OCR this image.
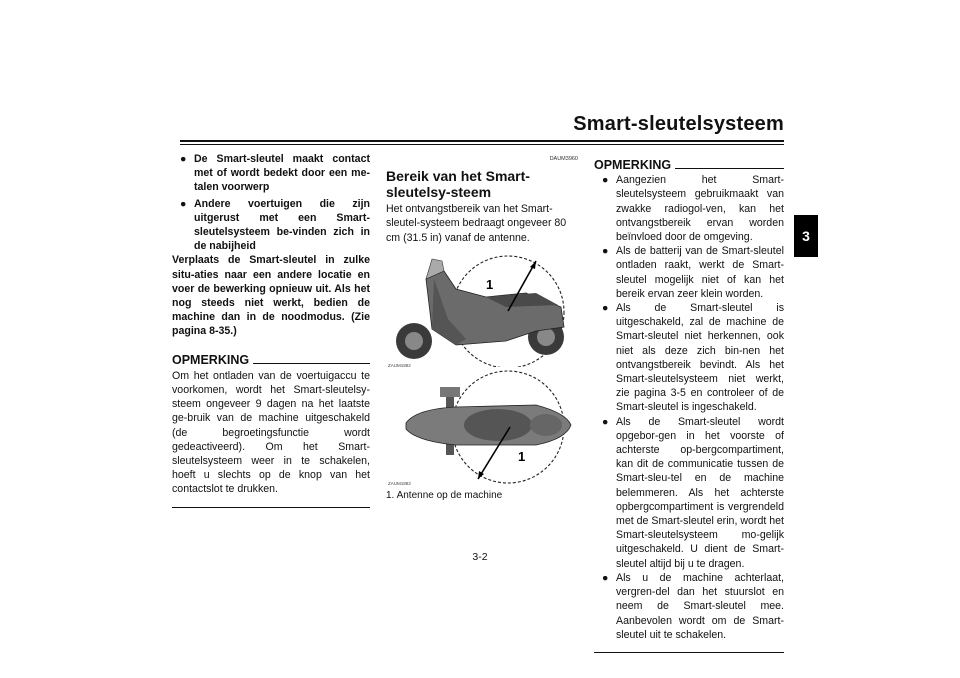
Smart-sleutelsysteem
3
● De Smart-sleutel maakt contact met of wordt bedekt door een me-talen voorwerp
● Andere voertuigen die zijn uitgerust met een Smart-sleutelsysteem be-vinden zich in de nabijheid
Verplaats de Smart-sleutel in zulke situ-aties naar een andere locatie en voer de bewerking opnieuw uit. Als het nog steeds niet werkt, bedien de machine dan in de noodmodus. (Zie pagina 8-35.)
OPMERKING
Om het ontladen van de voertuigaccu te voorkomen, wordt het Smart-sleutelsy-steem ongeveer 9 dagen na het laatste ge-bruik van de machine uitgeschakeld (de begroetingsfunctie wordt gedeactiveerd). Om het Smart-sleutelsysteem weer in te schakelen, hoeft u slechts op de knop van het contactslot te drukken.
DAUM3960
Bereik van het Smart-sleutelsy-steem
Het ontvangstbereik van het Smart-sleutel-systeem bedraagt ongeveer 80 cm (31.5 in) vanaf de antenne.
1
ZAUM1882
1
ZAUM1883
1. Antenne op de machine
OPMERKING
● Aangezien het Smart-sleutelsysteem gebruikmaakt van zwakke radiogol-ven, kan het ontvangstbereik ervan worden beïnvloed door de omgeving.
● Als de batterij van de Smart-sleutel ontladen raakt, werkt de Smart-sleutel mogelijk niet of kan het bereik ervan zeer klein worden.
● Als de Smart-sleutel is uitgeschakeld, zal de machine de Smart-sleutel niet herkennen, ook niet als deze zich bin-nen het ontvangstbereik bevindt. Als het Smart-sleutelsysteem niet werkt, zie pagina 3-5 en controleer of de Smart-sleutel is ingeschakeld.
● Als de Smart-sleutel wordt opgebor-gen in het voorste of achterste op-bergcompartiment, kan dit de communicatie tussen de Smart-sleu-tel en de machine belemmeren. Als het achterste opbergcompartiment is vergrendeld met de Smart-sleutel erin, wordt het Smart-sleutelsysteem mo-gelijk uitgeschakeld. U dient de Smart-sleutel altijd bij u te dragen.
● Als u de machine achterlaat, vergren-del dan het stuurslot en neem de Smart-sleutel mee. Aanbevolen wordt om de Smart-sleutel uit te schakelen.
3-2
